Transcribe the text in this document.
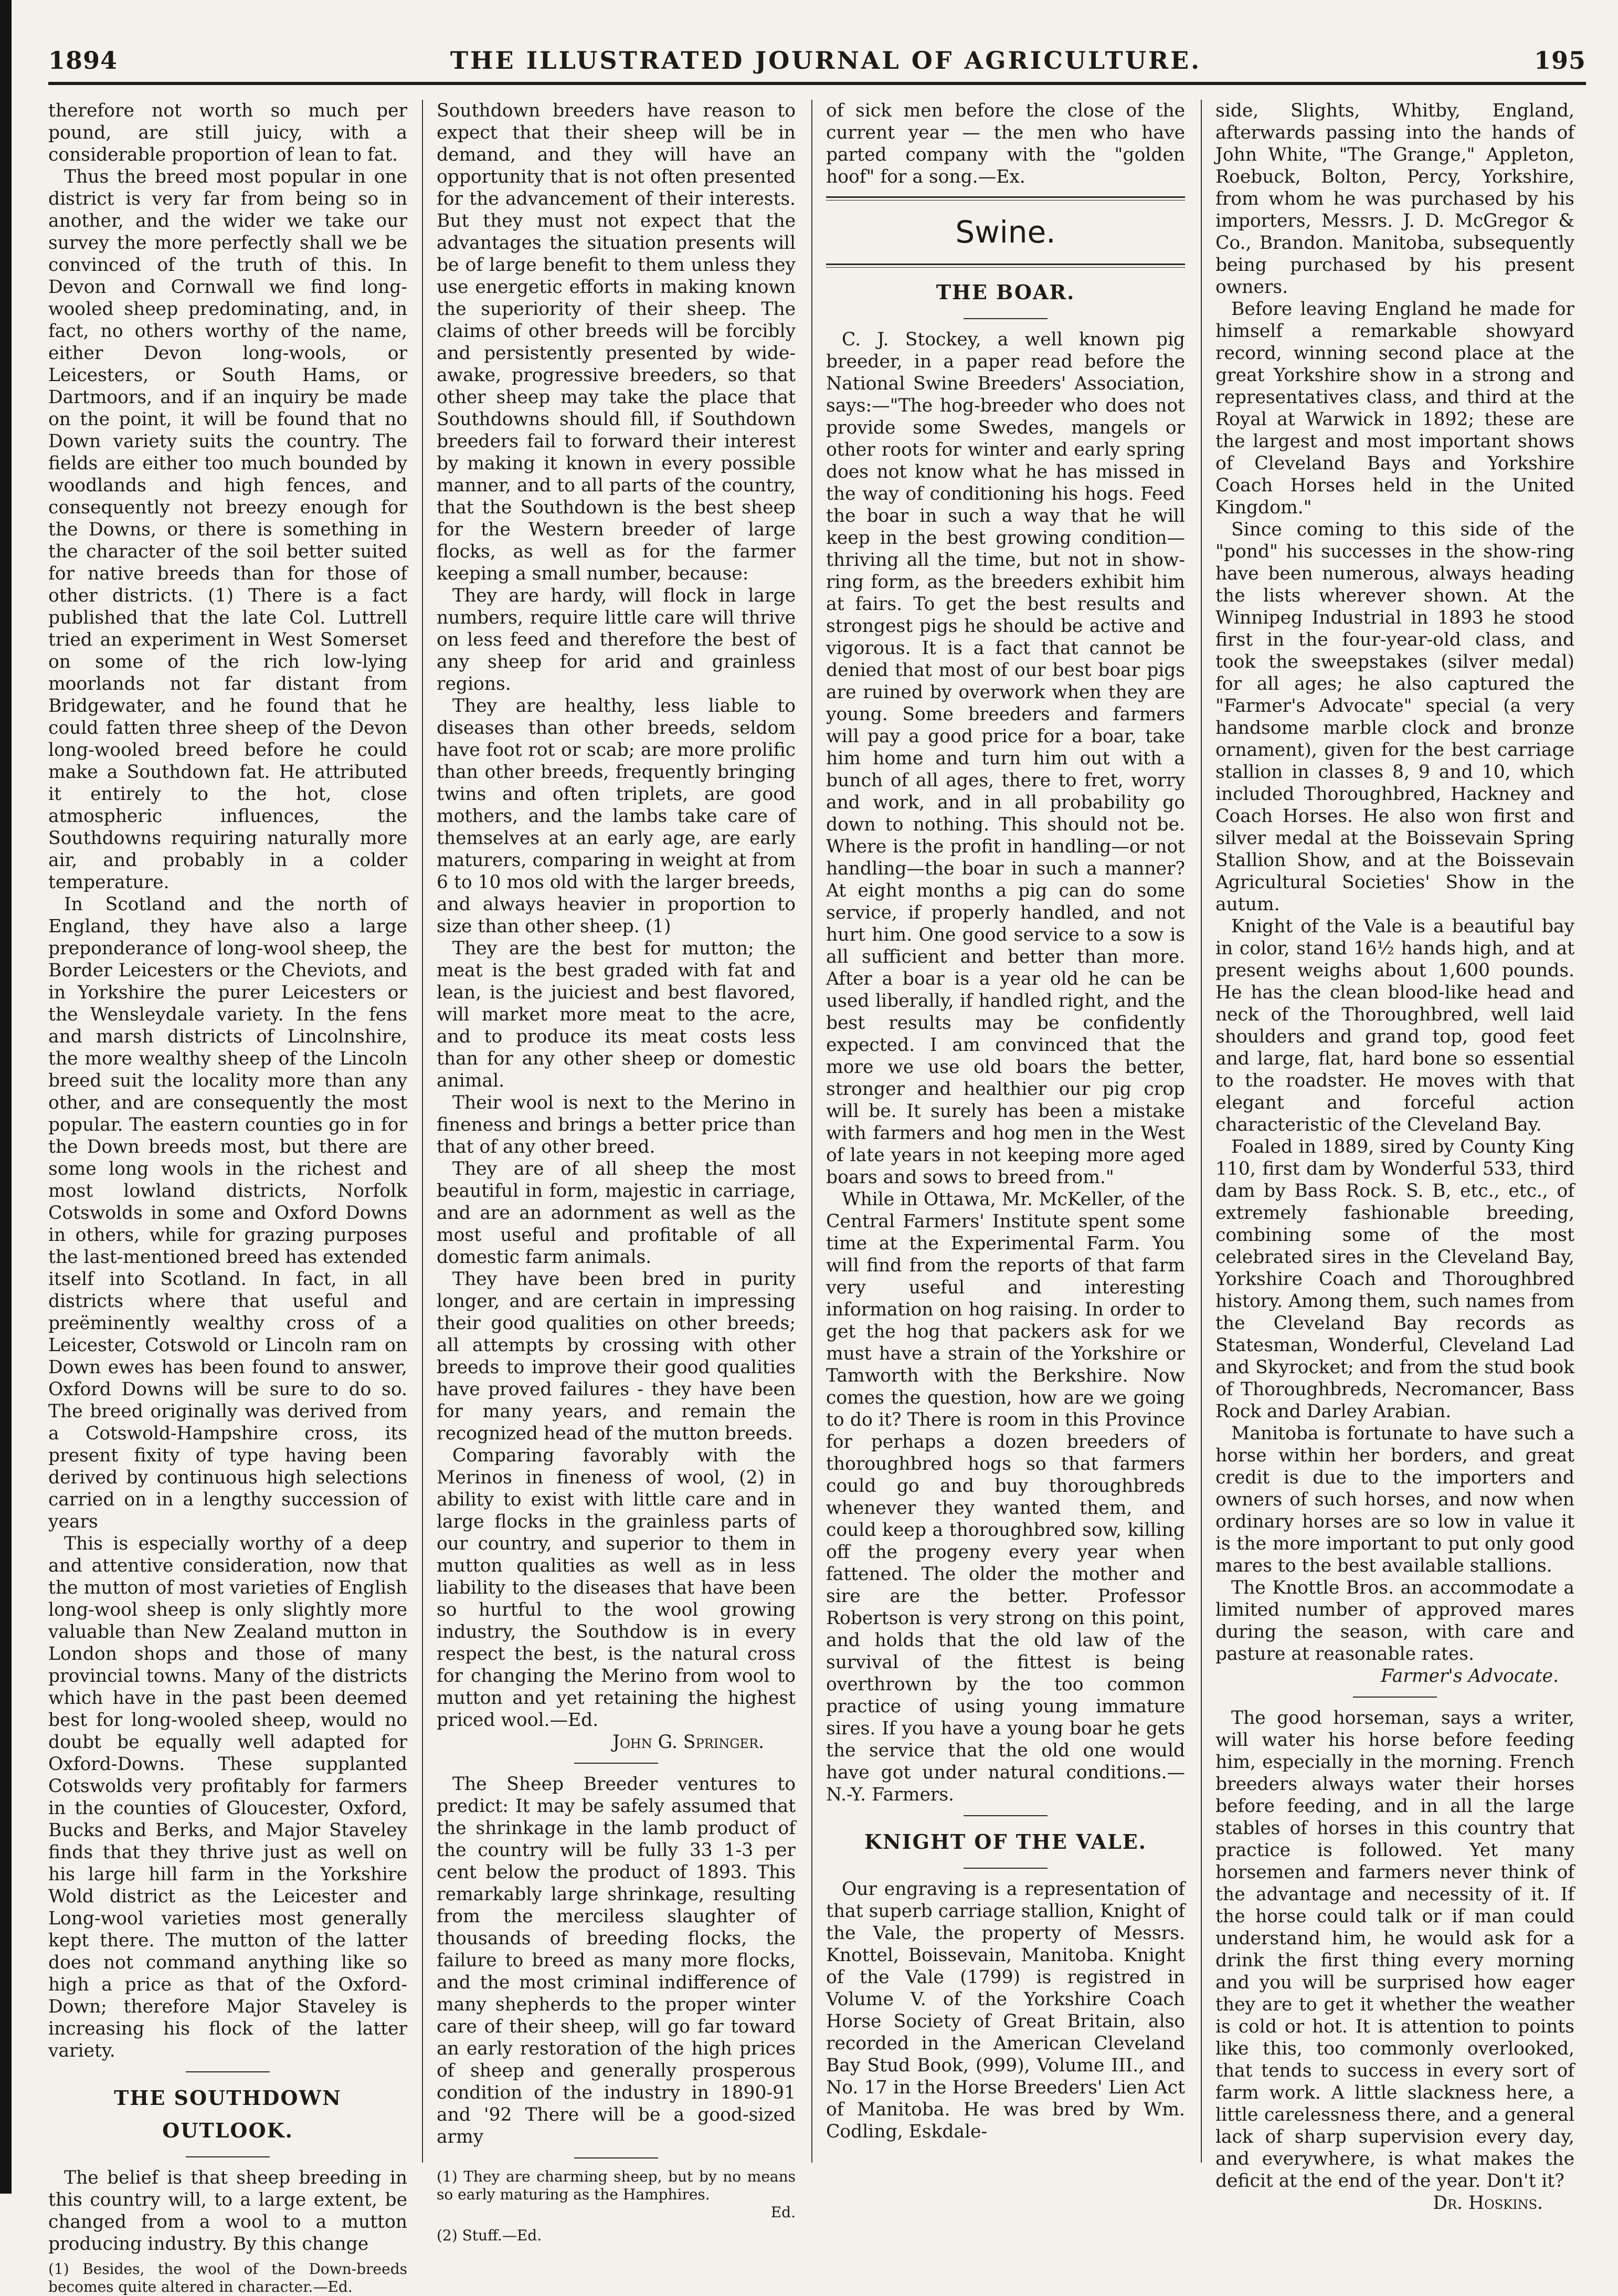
1894	THE ILLUSTRATED JOURNAL OF AGRICULTURE.	195

therefore not worth so much per pound, are still juicy, with a considerable proportion of lean to fat.

Thus the breed most popular in one district is very far from being so in another, and the wider we take our survey the more perfectly shall we be convinced of the truth of this. In Devon and Cornwall we find long-wooled sheep predominating, and, in fact, no others worthy of the name, either Devon long-wools, or Leicesters, or South Hams, or Dartmoors, and if an inquiry be made on the point, it will be found that no Down variety suits the country. The fields are either too much bounded by woodlands and high fences, and consequently not breezy enough for the Downs, or there is something in the character of the soil better suited for native breeds than for those of other districts. (1) There is a fact published that the late Col. Luttrell tried an experiment in West Somerset on some of the rich low-lying moorlands not far distant from Bridgewater, and he found that he could fatten three sheep of the Devon long-wooled breed before he could make a Southdown fat. He attributed it entirely to the hot, close atmospheric influences, the Southdowns requiring naturally more air, and probably in a colder temperature.

In Scotland and the north of England, they have also a large preponderance of long-wool sheep, the Border Leicesters or the Cheviots, and in Yorkshire the purer Leicesters or the Wensleydale variety. In the fens and marsh districts of Lincolnshire, the more wealthy sheep of the Lincoln breed suit the locality more than any other, and are consequently the most popular. The eastern counties go in for the Down breeds most, but there are some long wools in the richest and most lowland districts, Norfolk Cotswolds in some and Oxford Downs in others, while for grazing purposes the last-mentioned breed has extended itself into Scotland. In fact, in all districts where that useful and preëminently wealthy cross of a Leicester, Cotswold or Lincoln ram on Down ewes has been found to answer, Oxford Downs will be sure to do so. The breed originally was derived from a Cotswold-Hampshire cross, its present fixity of type having been derived by continuous high selections carried on in a lengthy succession of years

This is especially worthy of a deep and attentive consideration, now that the mutton of most varieties of English long-wool sheep is only slightly more valuable than New Zealand mutton in London shops and those of many provincial towns. Many of the districts which have in the past been deemed best for long-wooled sheep, would no doubt be equally well adapted for Oxford-Downs. These supplanted Cotswolds very profitably for farmers in the counties of Gloucester, Oxford, Bucks and Berks, and Major Staveley finds that they thrive just as well on his large hill farm in the Yorkshire Wold district as the Leicester and Long-wool varieties most generally kept there. The mutton of the latter does not command anything like so high a price as that of the Oxford-Down; therefore Major Staveley is increasing his flock of the latter variety.

THE SOUTHDOWN OUTLOOK.

The belief is that sheep breeding in this country will, to a large extent, be changed from a wool to a mutton producing industry. By this change

(1) Besides, the wool of the Down-breeds becomes quite altered in character.—Ed.

Southdown breeders have reason to expect that their sheep will be in demand, and they will have an opportunity that is not often presented for the advancement of their interests. But they must not expect that the advantages the situation presents will be of large benefit to them unless they use energetic efforts in making known the superiority of their sheep. The claims of other breeds will be forcibly and persistently presented by wide-awake, progressive breeders, so that other sheep may take the place that Southdowns should fill, if Southdown breeders fail to forward their interest by making it known in every possible manner, and to all parts of the country, that the Southdown is the best sheep for the Western breeder of large flocks, as well as for the farmer keeping a small number, because:

They are hardy, will flock in large numbers, require little care will thrive on less feed and therefore the best of any sheep for arid and grainless regions.

They are healthy, less liable to diseases than other breeds, seldom have foot rot or scab; are more prolific than other breeds, frequently bringing twins and often triplets, are good mothers, and the lambs take care of themselves at an early age, are early maturers, comparing in weight at from 6 to 10 mos old with the larger breeds, and always heavier in proportion to size than other sheep. (1)

They are the best for mutton; the meat is the best graded with fat and lean, is the juiciest and best flavored, will market more meat to the acre, and to produce its meat costs less than for any other sheep or domestic animal.

Their wool is next to the Merino in fineness and brings a better price than that of any other breed.

They are of all sheep the most beautiful in form, majestic in carriage, and are an adornment as well as the most useful and profitable of all domestic farm animals.

They have been bred in purity longer, and are certain in impressing their good qualities on other breeds; all attempts by crossing with other breeds to improve their good qualities have proved failures - they have been for many years, and remain the recognized head of the mutton breeds.

Comparing favorably with the Merinos in fineness of wool, (2) in ability to exist with little care and in large flocks in the grainless parts of our country, and superior to them in mutton qualities as well as in less liability to the diseases that have been so hurtful to the wool growing industry, the Southdow is in every respect the best, is the natural cross for changing the Merino from wool to mutton and yet retaining the highest priced wool.—Ed.

John G. Springer.

The Sheep Breeder ventures to predict: It may be safely assumed that the shrinkage in the lamb product of the country will be fully 33 1-3 per cent below the product of 1893. This remarkably large shrinkage, resulting from the merciless slaughter of thousands of breeding flocks, the failure to breed as many more flocks, and the most criminal indifference of many shepherds to the proper winter care of their sheep, will go far toward an early restoration of the high prices of sheep and generally prosperous condition of the industry in 1890-91 and '92 There will be a good-sized army

(1) They are charming sheep, but by no means so early maturing as the Hamphires.

Ed.

(2) Stuff.—Ed.

of sick men before the close of the current year — the men who have parted company with the "golden hoof" for a song.—Ex.

Swine.
THE BOAR.

C. J. Stockey, a well known pig breeder, in a paper read before the National Swine Breeders' Association, says:—"The hog-breeder who does not provide some Swedes, mangels or other roots for winter and early spring does not know what he has missed in the way of conditioning his hogs. Feed the boar in such a way that he will keep in the best growing condition—thriving all the time, but not in show-ring form, as the breeders exhibit him at fairs. To get the best results and strongest pigs he should be active and vigorous. It is a fact that cannot be denied that most of our best boar pigs are ruined by overwork when they are young. Some breeders and farmers will pay a good price for a boar, take him home and turn him out with a bunch of all ages, there to fret, worry and work, and in all probability go down to nothing. This should not be. Where is the profit in handling—or not handling—the boar in such a manner? At eight months a pig can do some service, if properly handled, and not hurt him. One good service to a sow is all sufficient and better than more. After a boar is a year old he can be used liberally, if handled right, and the best results may be confidently expected. I am convinced that the more we use old boars the better, stronger and healthier our pig crop will be. It surely has been a mistake with farmers and hog men in the West of late years in not keeping more aged boars and sows to breed from."

While in Ottawa, Mr. McKeller, of the Central Farmers' Institute spent some time at the Experimental Farm. You will find from the reports of that farm very useful and interesting information on hog raising. In order to get the hog that packers ask for we must have a strain of the Yorkshire or Tamworth with the Berkshire. Now comes the question, how are we going to do it? There is room in this Province for perhaps a dozen breeders of thoroughbred hogs so that farmers could go and buy thoroughbreds whenever they wanted them, and could keep a thoroughbred sow, killing off the progeny every year when fattened. The older the mother and sire are the better. Professor Robertson is very strong on this point, and holds that the old law of the survival of the fittest is being overthrown by the too common practice of using young immature sires. If you have a young boar he gets the service that the old one would have got under natural conditions.—N.-Y. Farmers.

KNIGHT OF THE VALE.

Our engraving is a representation of that superb carriage stallion, Knight of the Vale, the property of Messrs. Knottel, Boissevain, Manitoba. Knight of the Vale (1799) is registred in Volume V. of the Yorkshire Coach Horse Society of Great Britain, also recorded in the American Cleveland Bay Stud Book, (999), Volume III., and No. 17 in the Horse Breeders' Lien Act of Manitoba. He was bred by Wm. Codling, Eskdale-

side, Slights, Whitby, England, afterwards passing into the hands of John White, "The Grange," Appleton, Roebuck, Bolton, Percy, Yorkshire, from whom he was purchased by his importers, Messrs. J. D. McGregor & Co., Brandon. Manitoba, subsequently being purchased by his present owners.

Before leaving England he made for himself a remarkable showyard record, winning second place at the great Yorkshire show in a strong and representatives class, and third at the Royal at Warwick in 1892; these are the largest and most important shows of Cleveland Bays and Yorkshire Coach Horses held in the United Kingdom."

Since coming to this side of the "pond" his successes in the show-ring have been numerous, always heading the lists wherever shown. At the Winnipeg Industrial in 1893 he stood first in the four-year-old class, and took the sweepstakes (silver medal) for all ages; he also captured the "Farmer's Advocate" special (a very handsome marble clock and bronze ornament), given for the best carriage stallion in classes 8, 9 and 10, which included Thoroughbred, Hackney and Coach Horses. He also won first and silver medal at the Boissevain Spring Stallion Show, and at the Boissevain Agricultural Societies' Show in the autum.

Knight of the Vale is a beautiful bay in color, stand 16½ hands high, and at present weighs about 1,600 pounds. He has the clean blood-like head and neck of the Thoroughbred, well laid shoulders and grand top, good feet and large, flat, hard bone so essential to the roadster. He moves with that elegant and forceful action characteristic of the Cleveland Bay.

Foaled in 1889, sired by County King 110, first dam by Wonderful 533, third dam by Bass Rock. S. B, etc., etc., of extremely fashionable breeding, combining some of the most celebrated sires in the Cleveland Bay, Yorkshire Coach and Thoroughbred history. Among them, such names from the Cleveland Bay records as Statesman, Wonderful, Cleveland Lad and Skyrocket; and from the stud book of Thoroughbreds, Necromancer, Bass Rock and Darley Arabian.

Manitoba is fortunate to have such a horse within her borders, and great credit is due to the importers and owners of such horses, and now when ordinary horses are so low in value it is the more important to put only good mares to the best available stallions.

The Knottle Bros. an accommodate a limited number of approved mares during the season, with care and pasture at reasonable rates.

Farmer's Advocate.

The good horseman, says a writer, will water his horse before feeding him, especially in the morning. French breeders always water their horses before feeding, and in all the large stables of horses in this country that practice is followed. Yet many horsemen and farmers never think of the advantage and necessity of it. If the horse could talk or if man could understand him, he would ask for a drink the first thing every morning and you will be surprised how eager they are to get it whether the weather is cold or hot. It is attention to points like this, too commonly overlooked, that tends to success in every sort of farm work. A little slackness here, a little carelessness there, and a general lack of sharp supervision every day, and everywhere, is what makes the deficit at the end of the year. Don't it?

Dr. Hoskins.
